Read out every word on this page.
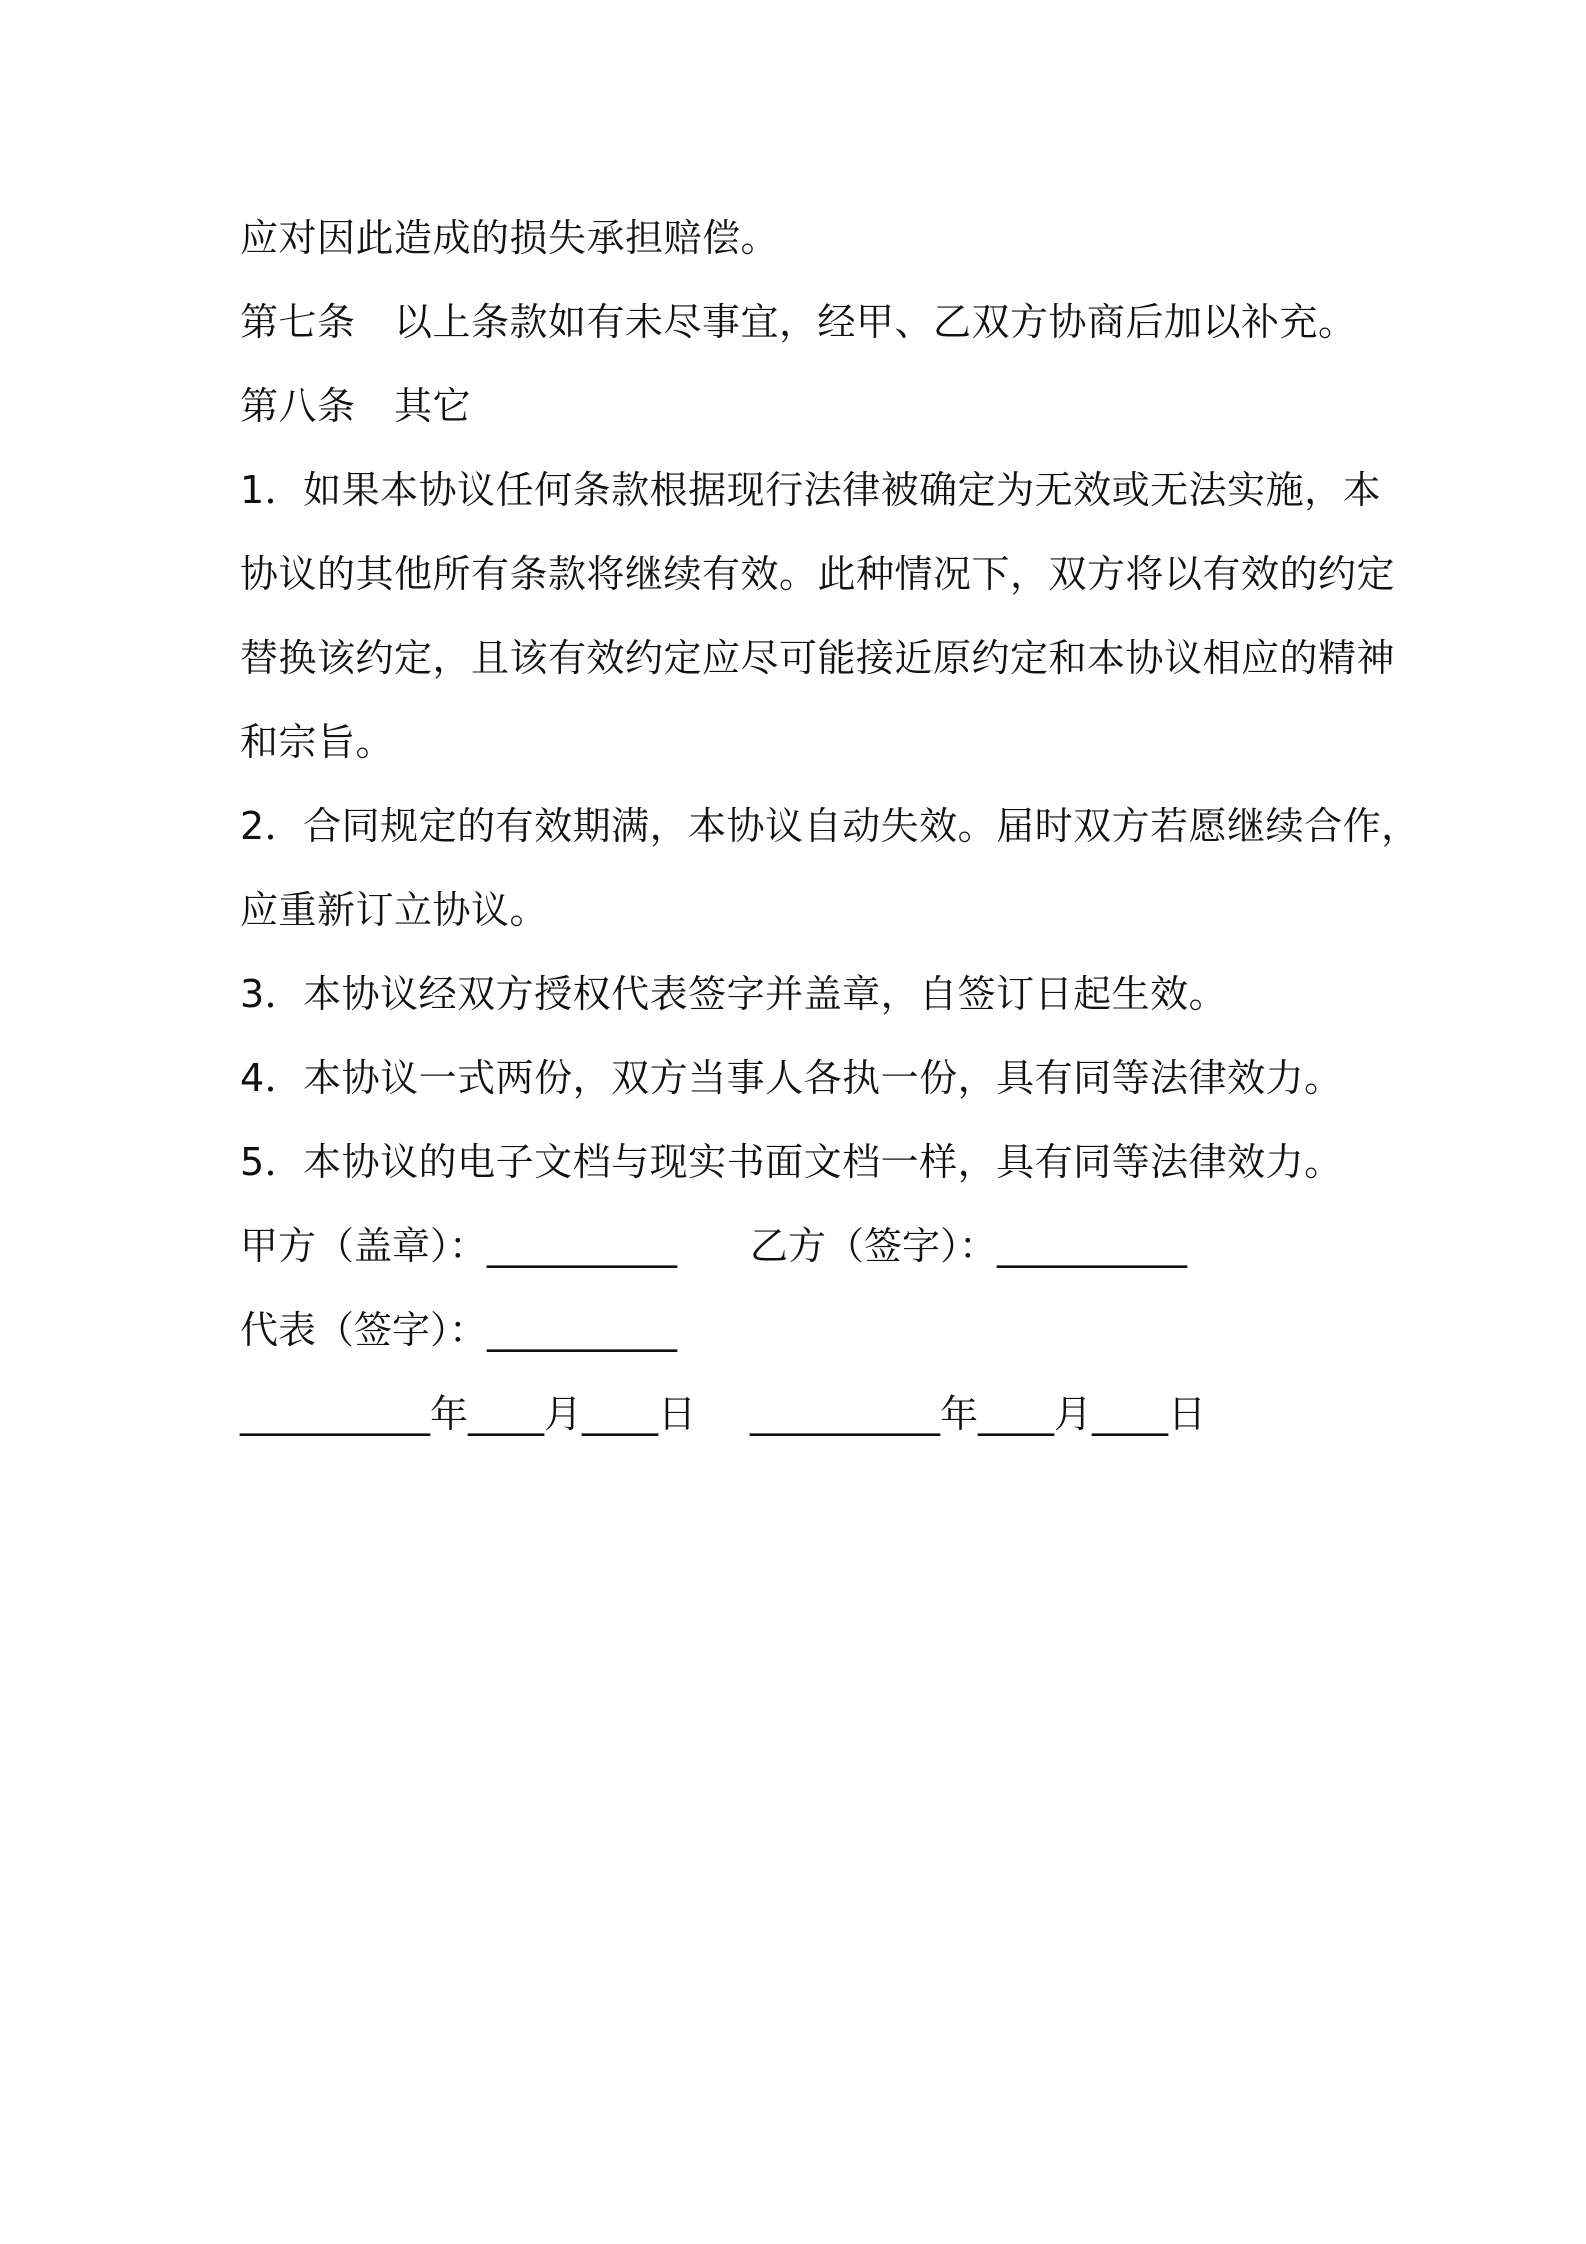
应对因此造成的损失承担赔偿。
第七条　以上条款如有未尽事宜，经甲、乙双方协商后加以补充。
第八条　其它
1．如果本协议任何条款根据现行法律被确定为无效或无法实施，本
协议的其他所有条款将继续有效。此种情况下，双方将以有效的约定
替换该约定，且该有效约定应尽可能接近原约定和本协议相应的精神
和宗旨。
2．合同规定的有效期满，本协议自动失效。届时双方若愿继续合作，
应重新订立协议。
3．本协议经双方授权代表签字并盖章，自签订日起生效。
4．本协议一式两份，双方当事人各执一份，具有同等法律效力。
5．本协议的电子文档与现实书面文档一样，具有同等法律效力。
甲方（盖章）：__________ 乙方（签字）：__________
代表（签字）：__________
__________年____月____日 __________年____月____日
